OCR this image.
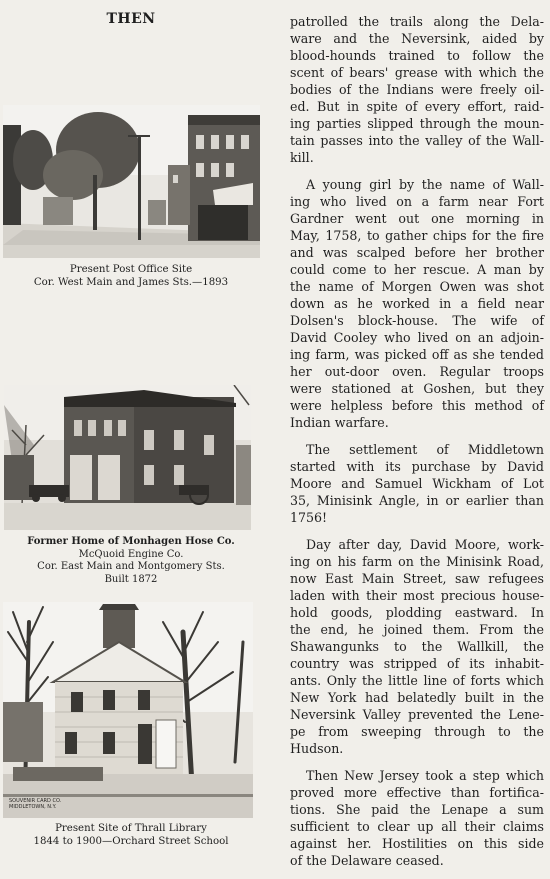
THEN
Present Post Office Site
Cor. West Main and James Sts.—1893
Former Home of Monhagen Hose Co.
McQuoid Engine Co.
Cor. East Main and Montgomery Sts.
Built 1872
SOUVENIR CARD CO. MIDDLETOWN, N.Y.
Present Site of Thrall Library
1844 to 1900—Orchard Street School

patrolled the trails along the Dela-
ware and the Neversink, aided by
blood-hounds trained to follow the
scent of bears' grease with which the
bodies of the Indians were freely oil-
ed. But in spite of every effort, raid-
ing parties slipped through the moun-
tain passes into the valley of the Wall-
kill.

A young girl by the name of Wall-
ing who lived on a farm near Fort
Gardner went out one morning in
May, 1758, to gather chips for the fire
and was scalped before her brother
could come to her rescue. A man by
the name of Morgen Owen was shot
down as he worked in a field near
Dolsen's block-house. The wife of
David Cooley who lived on an adjoin-
ing farm, was picked off as she tended
her out-door oven. Regular troops
were stationed at Goshen, but they
were helpless before this method of
Indian warfare.

The settlement of Middletown
started with its purchase by David
Moore and Samuel Wickham of Lot
35, Minisink Angle, in or earlier than
1756!

Day after day, David Moore, work-
ing on his farm on the Minisink Road,
now East Main Street, saw refugees
laden with their most precious house-
hold goods, plodding eastward. In
the end, he joined them. From the
Shawangunks to the Wallkill, the
country was stripped of its inhabit-
ants. Only the little line of forts which
New York had belatedly built in the
Neversink Valley prevented the Lene-
pe from sweeping through to the
Hudson.

Then New Jersey took a step which
proved more effective than fortifica-
tions. She paid the Lenape a sum
sufficient to clear up all their claims
against her. Hostilities on this side
of the Delaware ceased.
